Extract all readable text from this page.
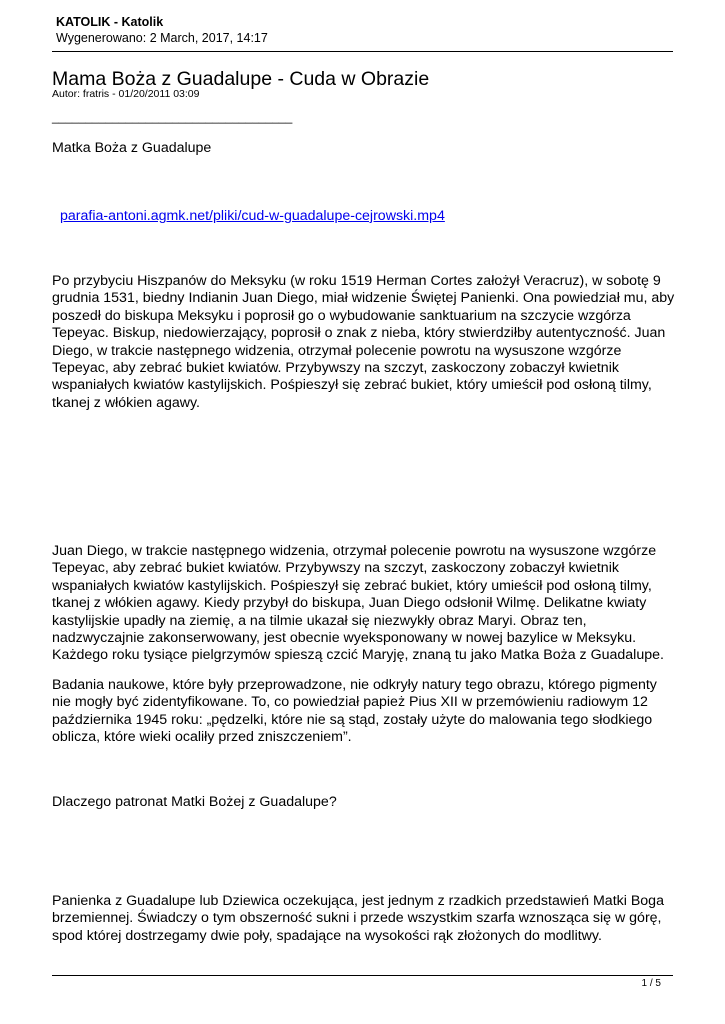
KATOLIK - Katolik
Wygenerowano: 2 March, 2017, 14:17
Mama Boża z Guadalupe - Cuda w Obrazie
Autor: fratris - 01/20/2011 03:09
____________________________________

Matka Boża z Guadalupe

parafia-antoni.agmk.net/pliki/cud-w-guadalupe-cejrowski.mp4

Po przybyciu Hiszpanów do Meksyku (w roku 1519 Herman Cortes założył Veracruz), w sobotę 9 grudnia 1531, biedny Indianin Juan Diego, miał widzenie Świętej Panienki. Ona powiedział mu, aby poszedł do biskupa Meksyku i poprosił go o wybudowanie sanktuarium na szczycie wzgórza Tepeyac. Biskup, niedowierzający, poprosił o znak z nieba, który stwierdziłby autentyczność. Juan Diego, w trakcie następnego widzenia, otrzymał polecenie powrotu na wysuszone wzgórze Tepeyac, aby zebrać bukiet kwiatów. Przybywszy na szczyt, zaskoczony zobaczył kwietnik wspaniałych kwiatów kastylijskich. Pośpieszył się zebrać bukiet, który umieścił pod osłoną tilmy, tkanej z włókien agawy.

Juan Diego, w trakcie następnego widzenia, otrzymał polecenie powrotu na wysuszone wzgórze Tepeyac, aby zebrać bukiet kwiatów. Przybywszy na szczyt, zaskoczony zobaczył kwietnik wspaniałych kwiatów kastylijskich. Pośpieszył się zebrać bukiet, który umieścił pod osłoną tilmy, tkanej z włókien agawy. Kiedy przybył do biskupa, Juan Diego odsłonił Wilmę. Delikatne kwiaty kastylijskie upadły na ziemię, a na tilmie ukazał się niezwykły obraz Maryi. Obraz ten, nadzwyczajnie zakonserwowany, jest obecnie wyeksponowany w nowej bazylice w Meksyku. Każdego roku tysiące pielgrzymów spieszą czcić Maryję, znaną tu jako Matka Boża z Guadalupe.

Badania naukowe, które były przeprowadzone, nie odkryły natury tego obrazu, którego pigmenty nie mogły być zidentyfikowane. To, co powiedział papież Pius XII w przemówieniu radiowym 12 października 1945 roku: „pędzelki, które nie są stąd, zostały użyte do malowania tego słodkiego oblicza, które wieki ocaliły przed zniszczeniem”.

Dlaczego patronat Matki Bożej z Guadalupe?

Panienka z Guadalupe lub Dziewica oczekująca, jest jednym z rzadkich przedstawień Matki Boga brzemiennej. Świadczy o tym obszerność sukni i przede wszystkim szarfa wznosząca się w górę, spod której dostrzegamy dwie poły, spadające na wysokości rąk złożonych do modlitwy.

1 / 5
